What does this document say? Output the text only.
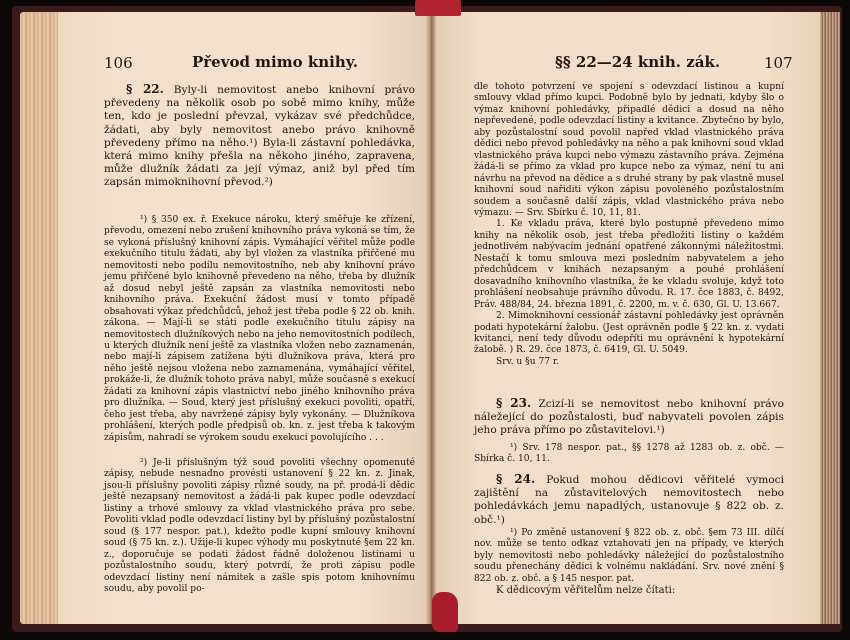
106	Převod mimo knihy.

§ 22. Byly-li nemovitost anebo knihovní právo převedeny na několik osob po sobě mimo knihy, může ten, kdo je poslední převzal, vykázav své předchůdce, žádati, aby byly nemovitost anebo právo knihovně převedeny přímo na něho.¹) Byla-li zástavní pohledávka, která mimo knihy přešla na někoho jiného, zapravena, může dlužník žádati za její výmaz, aniž byl před tím zapsán mimoknihovní převod.²)

¹) § 350 ex. ř. Exekuce nároku, který směřuje ke zřízení, převodu, omezení nebo zrušení knihovního práva vykoná se tím, že se vykoná příslušný knihovní zápis. Vymáhající věřitel může podle exekučního titulu žádati, aby byl vložen za vlastníka přiřčené mu nemovitosti nebo podílu nemovitostního, neb aby knihovní právo jemu přiřčené bylo knihovně převedeno na něho, třeba by dlužník až dosud nebyl ještě zapsán za vlastníka nemovitosti nebo knihovního práva. Exekuční žádost musí v tomto případě obsahovati výkaz předchůdců, jehož jest třeba podle § 22 ob. knih. zákona. — Mají-li se státi podle exekučního titulu zápisy na nemovitostech dlužníkových nebo na jeho nemovitostních podílech, u kterých dlužník není ještě za vlastníka vložen nebo zaznamenán, nebo mají-li zápisem zatížena býti dlužníkova práva, která pro něho ještě nejsou vložena nebo zaznamenána, vymáhající věřitel, prokáže-li, že dlužník tohoto práva nabyl, může současně s exekucí žádati za knihovní zápis vlastnictví nebo jiného knihovního práva pro dlužníka. — Soud, který jest příslušný exekuci povoliti, opatří, čeho jest třeba, aby navržené zápisy byly vykonány. — Dlužníkova prohlášení, kterých podle předpisů ob. kn. z. jest třeba k takovým zápisům, nahradí se výrokem soudu exekuci povolujícího . . .

²) Je-li příslušným týž soud povoliti všechny opomenuté zápisy, nebude nesnadno provésti ustanovení § 22 kn. z. Jinak, jsou-li příslušny povoliti zápisy různé soudy, na př. prodá-li dědic ještě nezapsaný nemovitost a žádá-li pak kupec podle odevzdací listiny a trhové smlouvy za vklad vlastnického práva pro sebe. Povoliti vklad podle odevzdací listiny byl by příslušný pozůstalostní soud (§ 177 nespor. pat.), kdežto podle kupní smlouvy knihovní soud (§ 75 kn. z.). Užije-li kupec výhody mu poskytnuté §em 22 kn. z., doporučuje se podati žádost řádně doloženou listinami u pozůstalostního soudu, který potvrdí, že proti zápisu podle odevzdací listiny není námitek a zašle spis potom knihovnímu soudu, aby povolil po-

§§ 22—24 knih. zák.	107

dle tohoto potvrzení ve spojení s odevzdací listinou a kupní smlouvy vklad přímo kupci. Podobně bylo by jednati, kdyby šlo o výmaz knihovní pohledávky, připadlé dědici a dosud na něho nepřevedené, podle odevzdací listiny a kvitance. Zbytečno by bylo, aby pozůstalostní soud povolil napřed vklad vlastnického práva dědici nebo převod pohledávky na něho a pak knihovní soud vklad vlastnického práva kupci nebo výmazu zástavního práva. Zejména žádá-li se přímo za vklad pro kupce nebo za výmaz, není tu ani návrhu na převod na dědice a s druhé strany by pak vlastně musel knihovní soud nařiditi výkon zápisu povoleného pozůstalostním soudem a současně další zápis, vklad vlastnického práva nebo výmazu. — Srv. Sbírku č. 10, 11, 81.

1. Ke vkladu práva, které bylo postupně převedeno mimo knihy na několik osob, jest třeba předložiti listiny o každém jednotlivém nabývacím jednání opatřené zákonnými náležitostmi. Nestačí k tomu smlouva mezi posledním nabyvatelem a jeho předchůdcem v knihách nezapsaným a pouhé prohlášení dosavadního knihovního vlastníka, že ke vkladu svoluje, když toto prohlášení neobsahuje právního důvodu. R. 17. čce 1883, č. 8492, Práv. 488/84, 24. března 1891, č. 2200, m. v. č. 630, Gl. U. 13.667.

2. Mimoknihovní cessionář zástavní pohledávky jest oprávněn podati hypotekární žalobu. (Jest oprávněn podle § 22 kn. z. vydati kvitanci, není tedy důvodu odepříti mu oprávnění k hypotekární žalobě. ) R. 29. čce 1873, č. 6419, Gl. U. 5049.

Srv. u §u 77 r.

§ 23. Zcizí-li se nemovitost nebo knihovní právo náležející do pozůstalosti, buď nabyvateli povolen zápis jeho práva přímo po zůstavitelovi.¹)

¹) Srv. 178 nespor. pat., §§ 1278 až 1283 ob. z. obč. — Sbírka č. 10, 11.

§ 24. Pokud mohou dědicovi věřitelé vymoci zajištění na zůstavitelových nemovitostech nebo pohledávkách jemu napadlých, ustanovuje § 822 ob. z. obč.¹)

¹) Po změně ustanovení § 822 ob. z. obč. §em 73 III. dílčí nov. může se tento odkaz vztahovati jen na případy, ve kterých byly nemovitosti nebo pohledávky náležející do pozůstalostního soudu přenechány dědici k volnému nakládání. Srv. nové znění § 822 ob. z. obč. a § 145 nespor. pat.

K dědicovým věřitelům nelze čítati:
